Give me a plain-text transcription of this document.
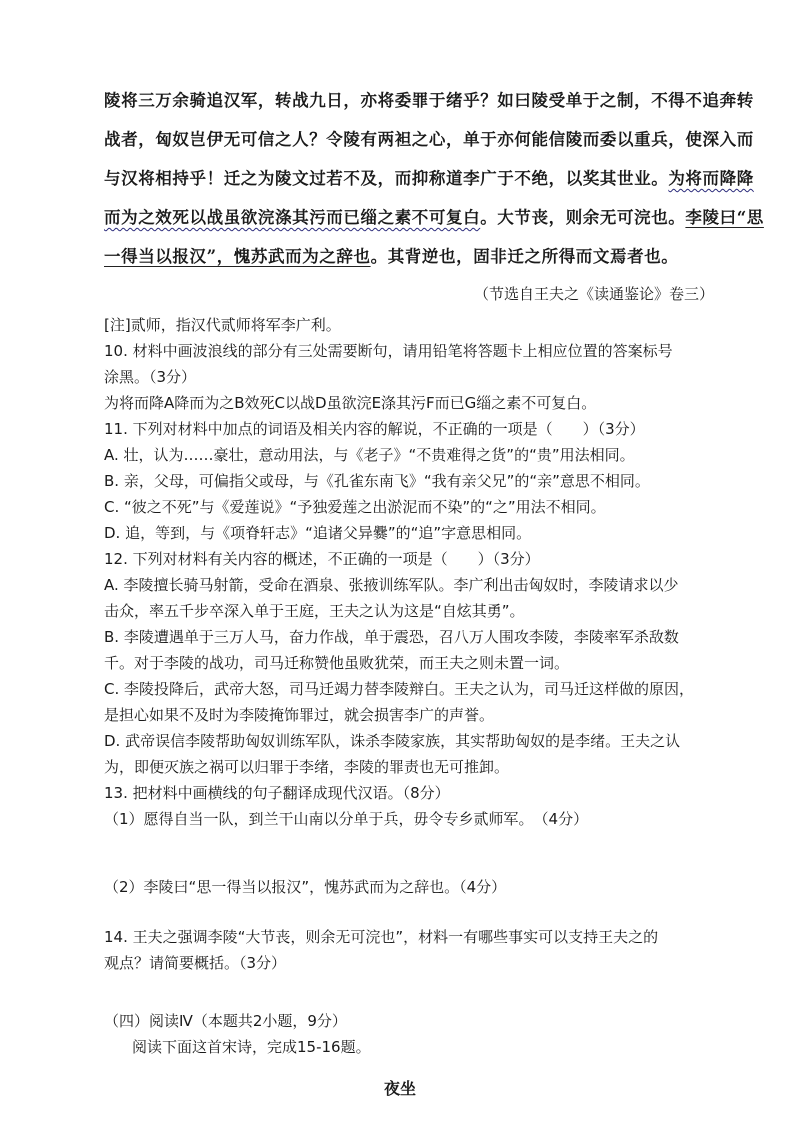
陵将三万余骑追汉军，转战九日，亦将委罪于绪乎？如曰陵受单于之制，不得不追奔转
战者，匈奴岂伊无可信之人？令陵有两袒之心，单于亦何能信陵而委以重兵，使深入而
与汉将相持乎！迁之为陵文过若不及，而抑称道李广于不绝，以奖其世业。为将而降降
而为之效死以战虽欲浣涤其污而已缁之素不可复白。大节丧，则余无可浣也。李陵曰“思
一得当以报汉”，愧苏武而为之辞也。其背逆也，固非迁之所得而文焉者也。
（节选自王夫之《读通鉴论》卷三）
[注]贰师，指汉代贰师将军李广利。
10. 材料中画波浪线的部分有三处需要断句，请用铅笔将答题卡上相应位置的答案标号
涂黑。（3分）
为将而降A降而为之B效死C以战D虽欲浣E涤其污F而已G缁之素不可复白。
11. 下列对材料中加点的词语及相关内容的解说，不正确的一项是（　　）（3分）
A. 壮，认为……豪壮，意动用法，与《老子》“不贵难得之货”的“贵”用法相同。
B. 亲，父母，可偏指父或母，与《孔雀东南飞》“我有亲父兄”的“亲”意思不相同。
C. “彼之不死”与《爱莲说》“予独爱莲之出淤泥而不染”的“之”用法不相同。
D. 追，等到，与《项脊轩志》“追诸父异爨”的“追”字意思相同。
12. 下列对材料有关内容的概述，不正确的一项是（　　）（3分）
A. 李陵擅长骑马射箭，受命在酒泉、张掖训练军队。李广利出击匈奴时，李陵请求以少
击众，率五千步卒深入单于王庭，王夫之认为这是“自炫其勇”。
B. 李陵遭遇单于三万人马，奋力作战，单于震恐，召八万人围攻李陵，李陵率军杀敌数
千。对于李陵的战功，司马迁称赞他虽败犹荣，而王夫之则未置一词。
C. 李陵投降后，武帝大怒，司马迁竭力替李陵辩白。王夫之认为，司马迁这样做的原因，
是担心如果不及时为李陵掩饰罪过，就会损害李广的声誉。
D. 武帝误信李陵帮助匈奴训练军队，诛杀李陵家族，其实帮助匈奴的是李绪。王夫之认
为，即便灭族之祸可以归罪于李绪，李陵的罪责也无可推卸。
13. 把材料中画横线的句子翻译成现代汉语。（8分）
（1）愿得自当一队，到兰干山南以分单于兵，毋令专乡贰师军。　（4分）
（2）李陵曰“思一得当以报汉”，愧苏武而为之辞也。（4分）
14. 王夫之强调李陵“大节丧，则余无可浣也”，材料一有哪些事实可以支持王夫之的
观点？请简要概括。（3分）
（四）阅读Ⅳ（本题共2小题，9分）
阅读下面这首宋诗，完成15-16题。
夜坐
